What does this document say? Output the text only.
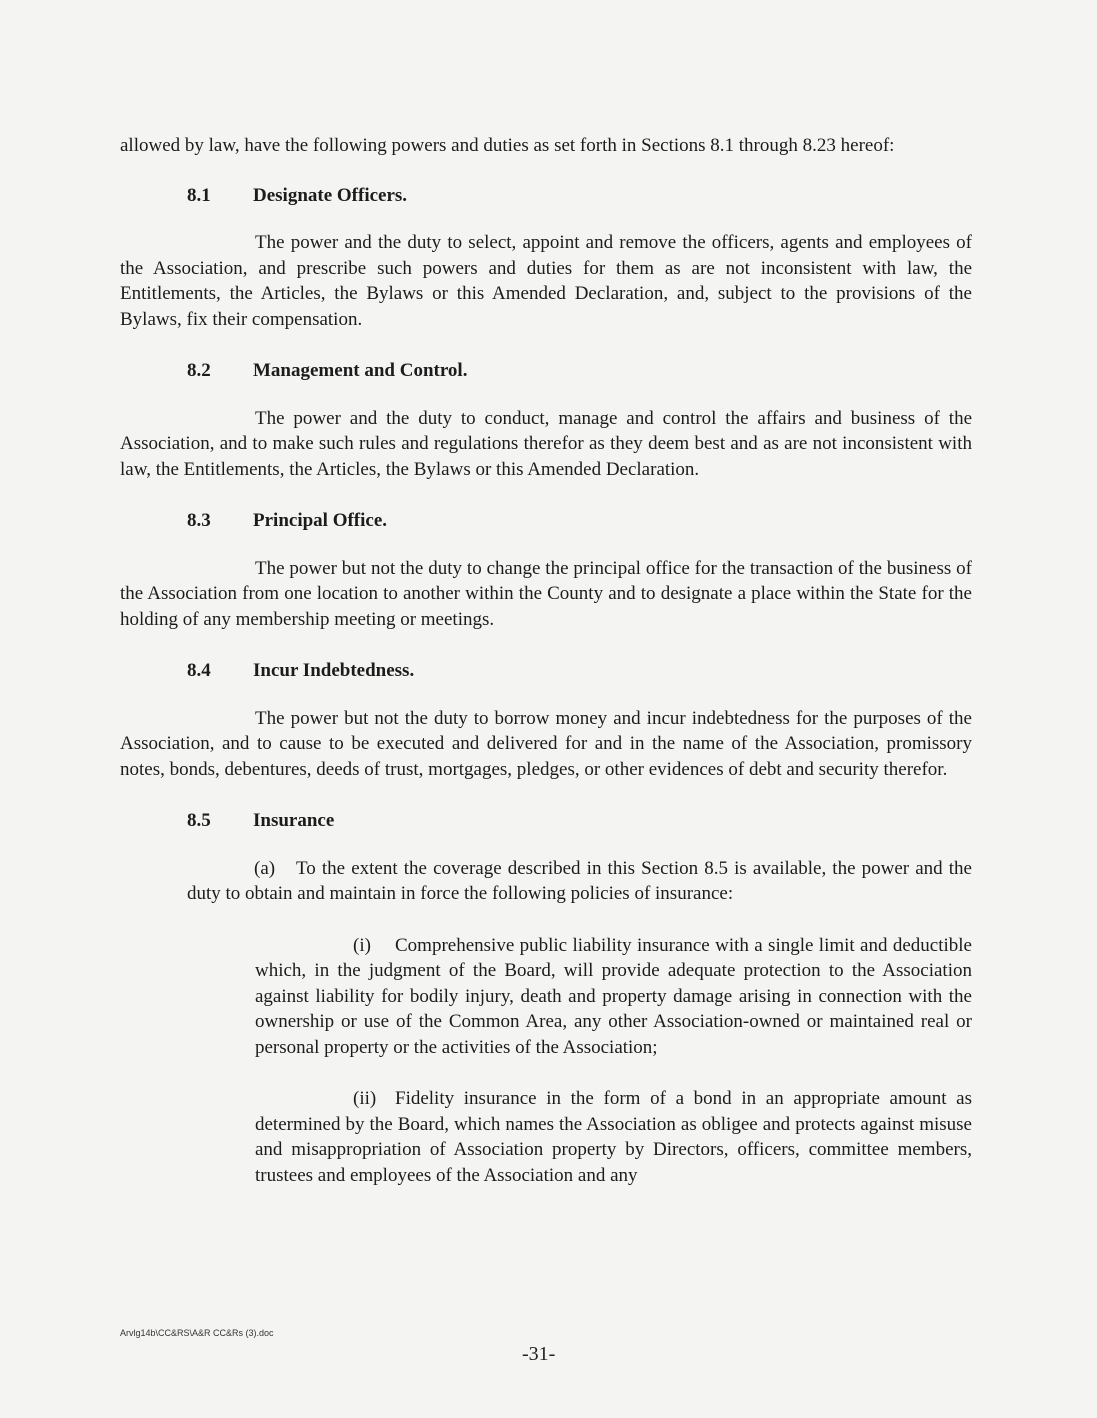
allowed by law, have the following powers and duties as set forth in Sections 8.1 through 8.23 hereof:

8.1	Designate Officers.

The power and the duty to select, appoint and remove the officers, agents and employees of the Association, and prescribe such powers and duties for them as are not inconsistent with law, the Entitlements, the Articles, the Bylaws or this Amended Declaration, and, subject to the provisions of the Bylaws, fix their compensation.

8.2	Management and Control.

The power and the duty to conduct, manage and control the affairs and business of the Association, and to make such rules and regulations therefor as they deem best and as are not inconsistent with law, the Entitlements, the Articles, the Bylaws or this Amended Declaration.

8.3	Principal Office.

The power but not the duty to change the principal office for the transaction of the business of the Association from one location to another within the County and to designate a place within the State for the holding of any membership meeting or meetings.

8.4	Incur Indebtedness.

The power but not the duty to borrow money and incur indebtedness for the purposes of the Association, and to cause to be executed and delivered for and in the name of the Association, promissory notes, bonds, debentures, deeds of trust, mortgages, pledges, or other evidences of debt and security therefor.

8.5	Insurance

(a) To the extent the coverage described in this Section 8.5 is available, the power and the duty to obtain and maintain in force the following policies of insurance:

(i) Comprehensive public liability insurance with a single limit and deductible which, in the judgment of the Board, will provide adequate protection to the Association against liability for bodily injury, death and property damage arising in connection with the ownership or use of the Common Area, any other Association-owned or maintained real or personal property or the activities of the Association;

(ii) Fidelity insurance in the form of a bond in an appropriate amount as determined by the Board, which names the Association as obligee and protects against misuse and misappropriation of Association property by Directors, officers, committee members, trustees and employees of the Association and any

Arvlg14b\CC&RS\A&R CC&Rs (3).doc
-31-
